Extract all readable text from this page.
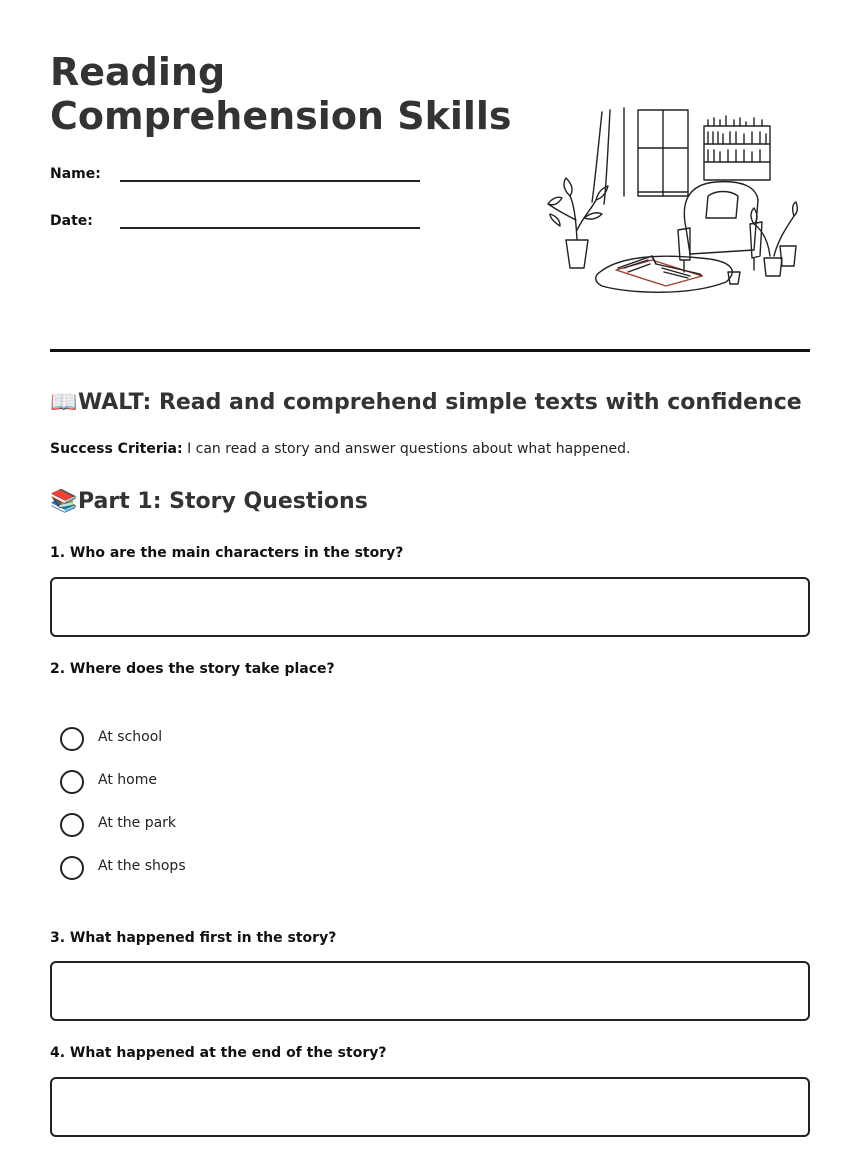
Reading
Comprehension Skills
Name:
Date:
📖WALT: Read and comprehend simple texts with confidence
Success Criteria: I can read a story and answer questions about what happened.
📚Part 1: Story Questions
1. Who are the main characters in the story?
2. Where does the story take place?
At school
At home
At the park
At the shops
3. What happened first in the story?
4. What happened at the end of the story?
